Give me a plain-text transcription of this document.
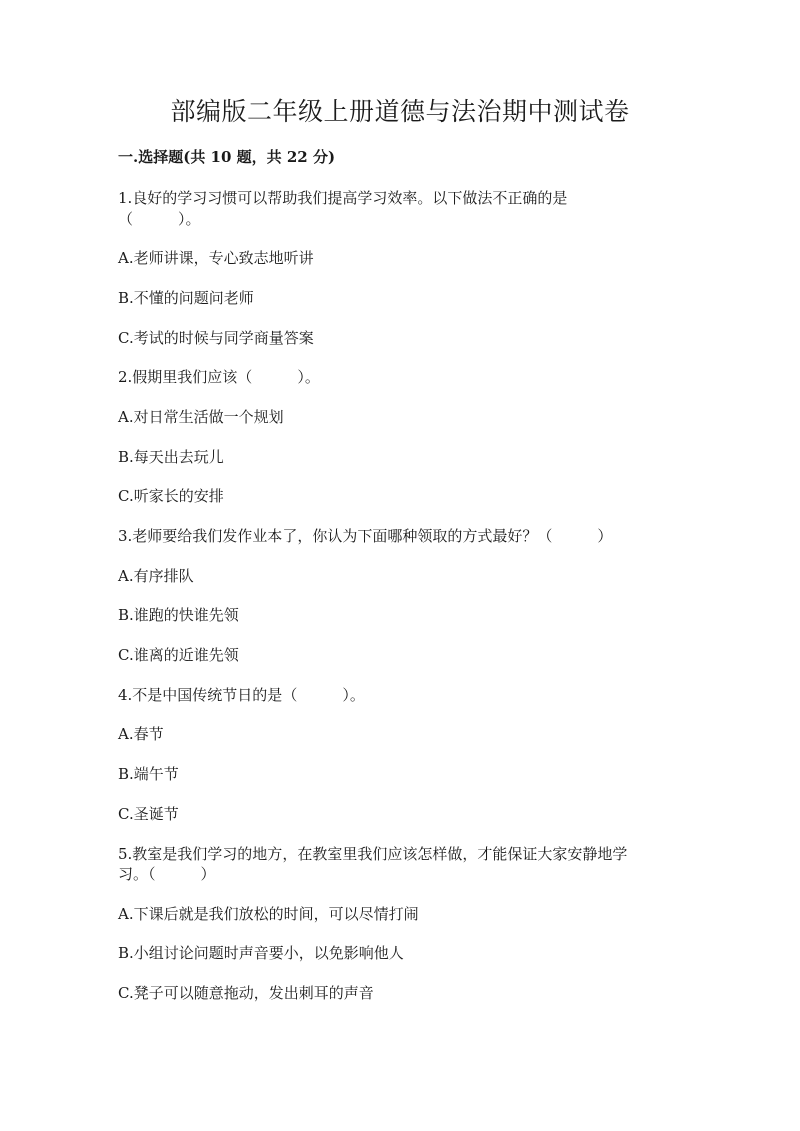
部编版二年级上册道德与法治期中测试卷
一.选择题(共 10 题，共 22 分)
1.良好的学习习惯可以帮助我们提高学习效率。以下做法不正确的是
（　　　）。
A.老师讲课，专心致志地听讲
B.不懂的问题问老师
C.考试的时候与同学商量答案
2.假期里我们应该（　　　）。
A.对日常生活做一个规划
B.每天出去玩儿
C.听家长的安排
3.老师要给我们发作业本了，你认为下面哪种领取的方式最好？（　　　）
A.有序排队
B.谁跑的快谁先领
C.谁离的近谁先领
4.不是中国传统节日的是（　　　）。
A.春节
B.端午节
C.圣诞节
5.教室是我们学习的地方，在教室里我们应该怎样做，才能保证大家安静地学
习。（　　　）
A.下课后就是我们放松的时间，可以尽情打闹
B.小组讨论问题时声音要小，以免影响他人
C.凳子可以随意拖动，发出刺耳的声音
